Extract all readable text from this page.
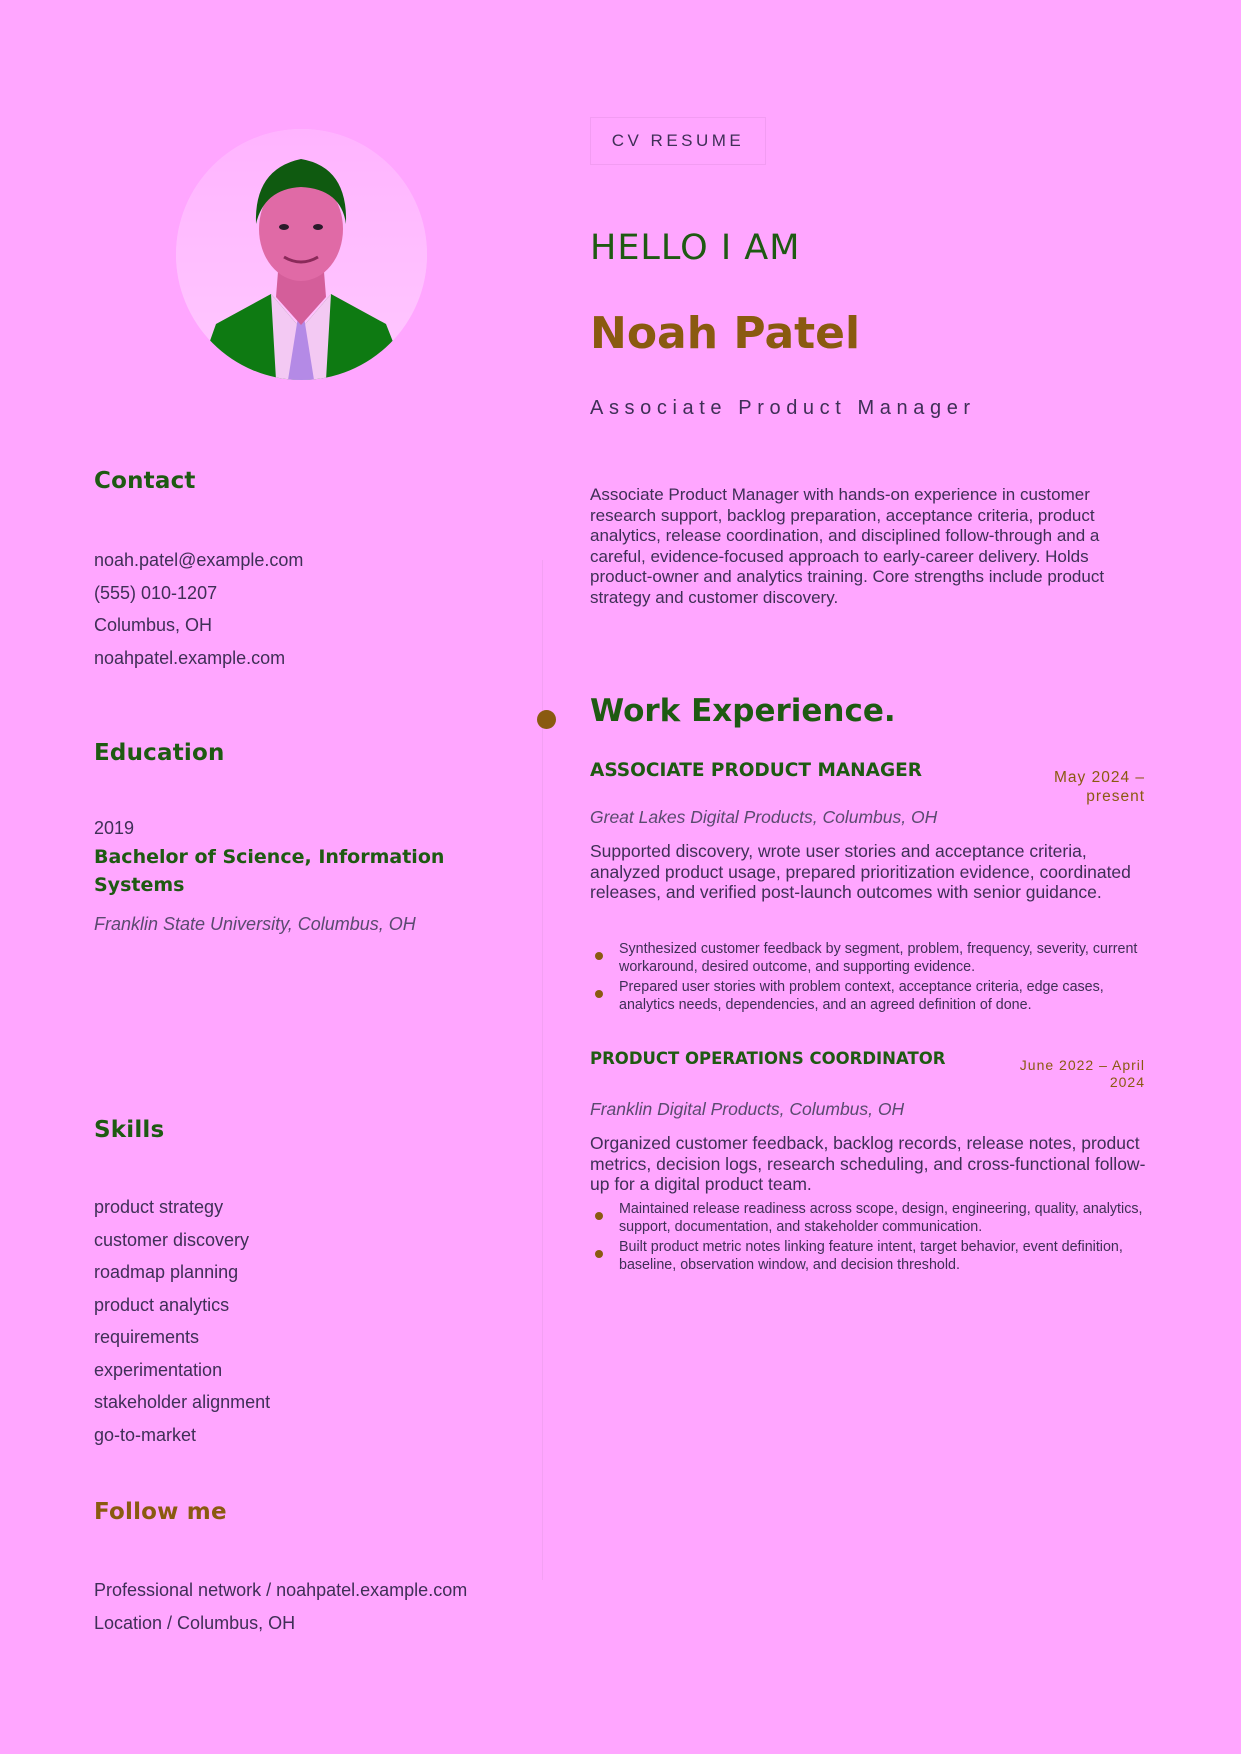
Contact
noah.patel@example.com
(555) 010-1207
Columbus, OH
noahpatel.example.com
Education
2019
Bachelor of Science, Information Systems
Franklin State University, Columbus, OH
Skills
product strategy
customer discovery
roadmap planning
product analytics
requirements
experimentation
stakeholder alignment
go-to-market
Follow me
Professional network / noahpatel.example.com
Location / Columbus, OH
CV RESUME
HELLO I AM
Noah Patel
Associate Product Manager
Associate Product Manager with hands-on experience in customer research support, backlog preparation, acceptance criteria, product analytics, release coordination, and disciplined follow-through and a careful, evidence-focused approach to early-career delivery. Holds product-owner and analytics training. Core strengths include product strategy and customer discovery.
Work Experience.
ASSOCIATE PRODUCT MANAGER	May 2024 – present
Great Lakes Digital Products, Columbus, OH
Supported discovery, wrote user stories and acceptance criteria, analyzed product usage, prepared prioritization evidence, coordinated releases, and verified post-launch outcomes with senior guidance.
Synthesized customer feedback by segment, problem, frequency, severity, current workaround, desired outcome, and supporting evidence.
Prepared user stories with problem context, acceptance criteria, edge cases, analytics needs, dependencies, and an agreed definition of done.
PRODUCT OPERATIONS COORDINATOR	June 2022 – April 2024
Franklin Digital Products, Columbus, OH
Organized customer feedback, backlog records, release notes, product metrics, decision logs, research scheduling, and cross-functional follow-up for a digital product team.
Maintained release readiness across scope, design, engineering, quality, analytics, support, documentation, and stakeholder communication.
Built product metric notes linking feature intent, target behavior, event definition, baseline, observation window, and decision threshold.
